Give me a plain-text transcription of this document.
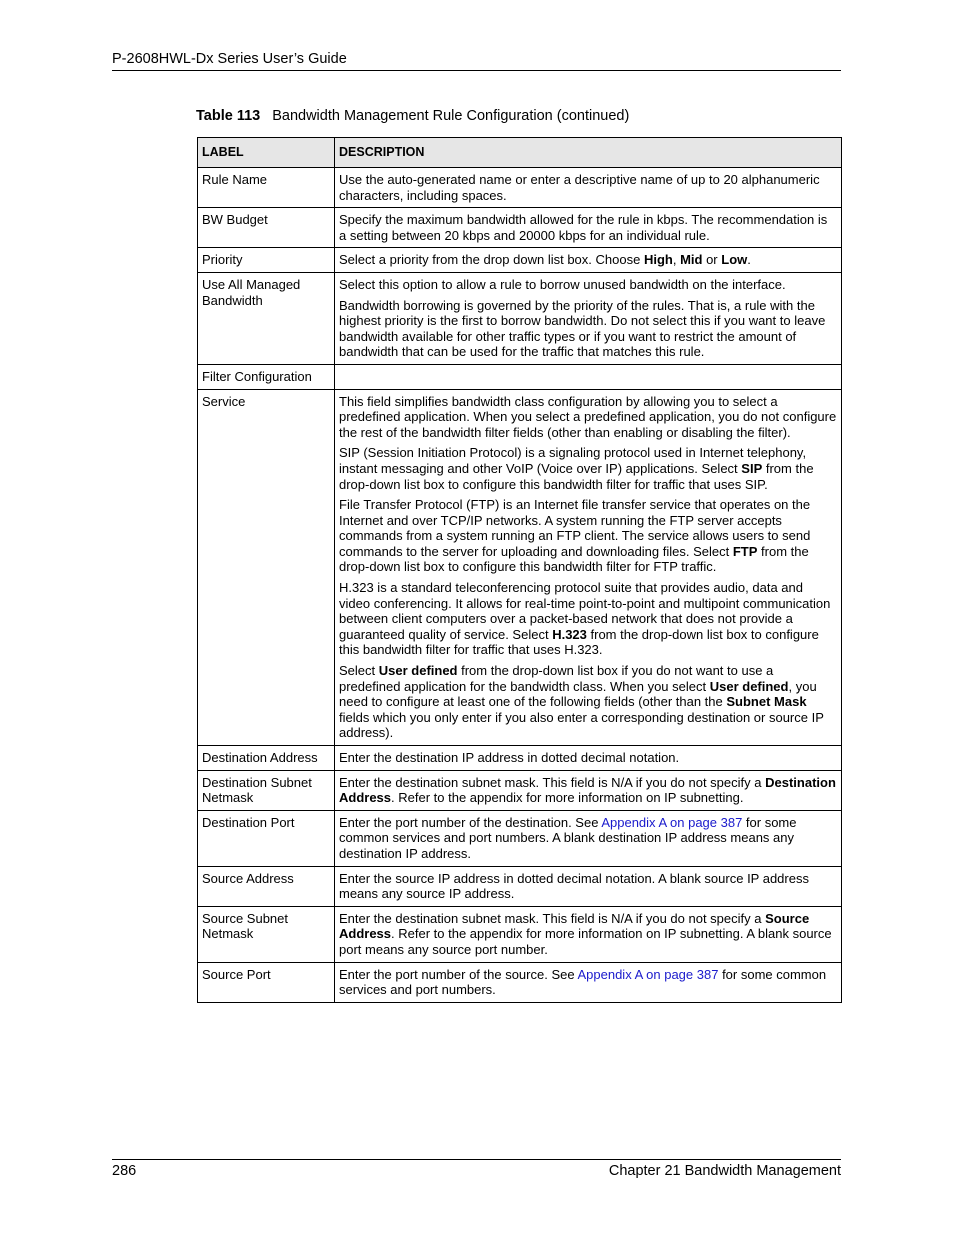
P-2608HWL-Dx Series User’s Guide
Table 113 Bandwidth Management Rule Configuration (continued)
LABEL	DESCRIPTION
Rule Name	Use the auto-generated name or enter a descriptive name of up to 20 alphanumeric characters, including spaces.

BW Budget	Specify the maximum bandwidth allowed for the rule in kbps. The recommendation is a setting between 20 kbps and 20000 kbps for an individual rule.

Priority	Select a priority from the drop down list box. Choose High, Mid or Low.

Use All Managed Bandwidth	Select this option to allow a rule to borrow unused bandwidth on the interface.

Bandwidth borrowing is governed by the priority of the rules. That is, a rule with the highest priority is the first to borrow bandwidth. Do not select this if you want to leave bandwidth available for other traffic types or if you want to restrict the amount of bandwidth that can be used for the traffic that matches this rule.

Filter Configuration	
Service	This field simplifies bandwidth class configuration by allowing you to select a predefined application. When you select a predefined application, you do not configure the rest of the bandwidth filter fields (other than enabling or disabling the filter).

SIP (Session Initiation Protocol) is a signaling protocol used in Internet telephony, instant messaging and other VoIP (Voice over IP) applications. Select SIP from the drop-down list box to configure this bandwidth filter for traffic that uses SIP.

File Transfer Protocol (FTP) is an Internet file transfer service that operates on the Internet and over TCP/IP networks. A system running the FTP server accepts commands from a system running an FTP client. The service allows users to send commands to the server for uploading and downloading files. Select FTP from the drop-down list box to configure this bandwidth filter for FTP traffic.

H.323 is a standard teleconferencing protocol suite that provides audio, data and video conferencing. It allows for real-time point-to-point and multipoint communication between client computers over a packet-based network that does not provide a guaranteed quality of service. Select H.323 from the drop-down list box to configure this bandwidth filter for traffic that uses H.323.

Select User defined from the drop-down list box if you do not want to use a predefined application for the bandwidth class. When you select User defined, you need to configure at least one of the following fields (other than the Subnet Mask fields which you only enter if you also enter a corresponding destination or source IP address).

Destination Address	Enter the destination IP address in dotted decimal notation.

Destination Subnet Netmask	Enter the destination subnet mask. This field is N/A if you do not specify a Destination Address. Refer to the appendix for more information on IP subnetting.

Destination Port	Enter the port number of the destination. See Appendix A on page 387 for some common services and port numbers. A blank destination IP address means any destination IP address.

Source Address	Enter the source IP address in dotted decimal notation. A blank source IP address means any source IP address.

Source Subnet Netmask	Enter the destination subnet mask. This field is N/A if you do not specify a Source Address. Refer to the appendix for more information on IP subnetting. A blank source port means any source port number.

Source Port	Enter the port number of the source. See Appendix A on page 387 for some common services and port numbers.

286	Chapter 21 Bandwidth Management
